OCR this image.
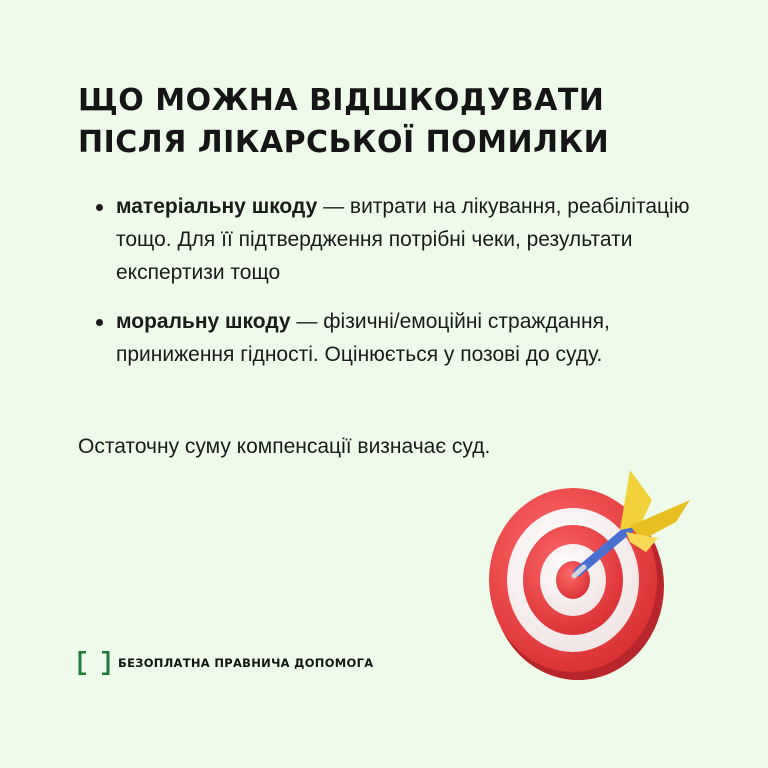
ЩО МОЖНА ВІДШКОДУВАТИ ПІСЛЯ ЛІКАРСЬКОЇ ПОМИЛКИ
матеріальну шкоду — витрати на лікування, реабілітацію тощо. Для її підтвердження потрібні чеки, результати експертизи тощо
моральну шкоду — фізичні/емоційні страждання, приниження гідності. Оцінюється у позові до суду.

Остаточну суму компенсації визначає суд.

БЕЗОПЛАТНА ПРАВНИЧА ДОПОМОГА
